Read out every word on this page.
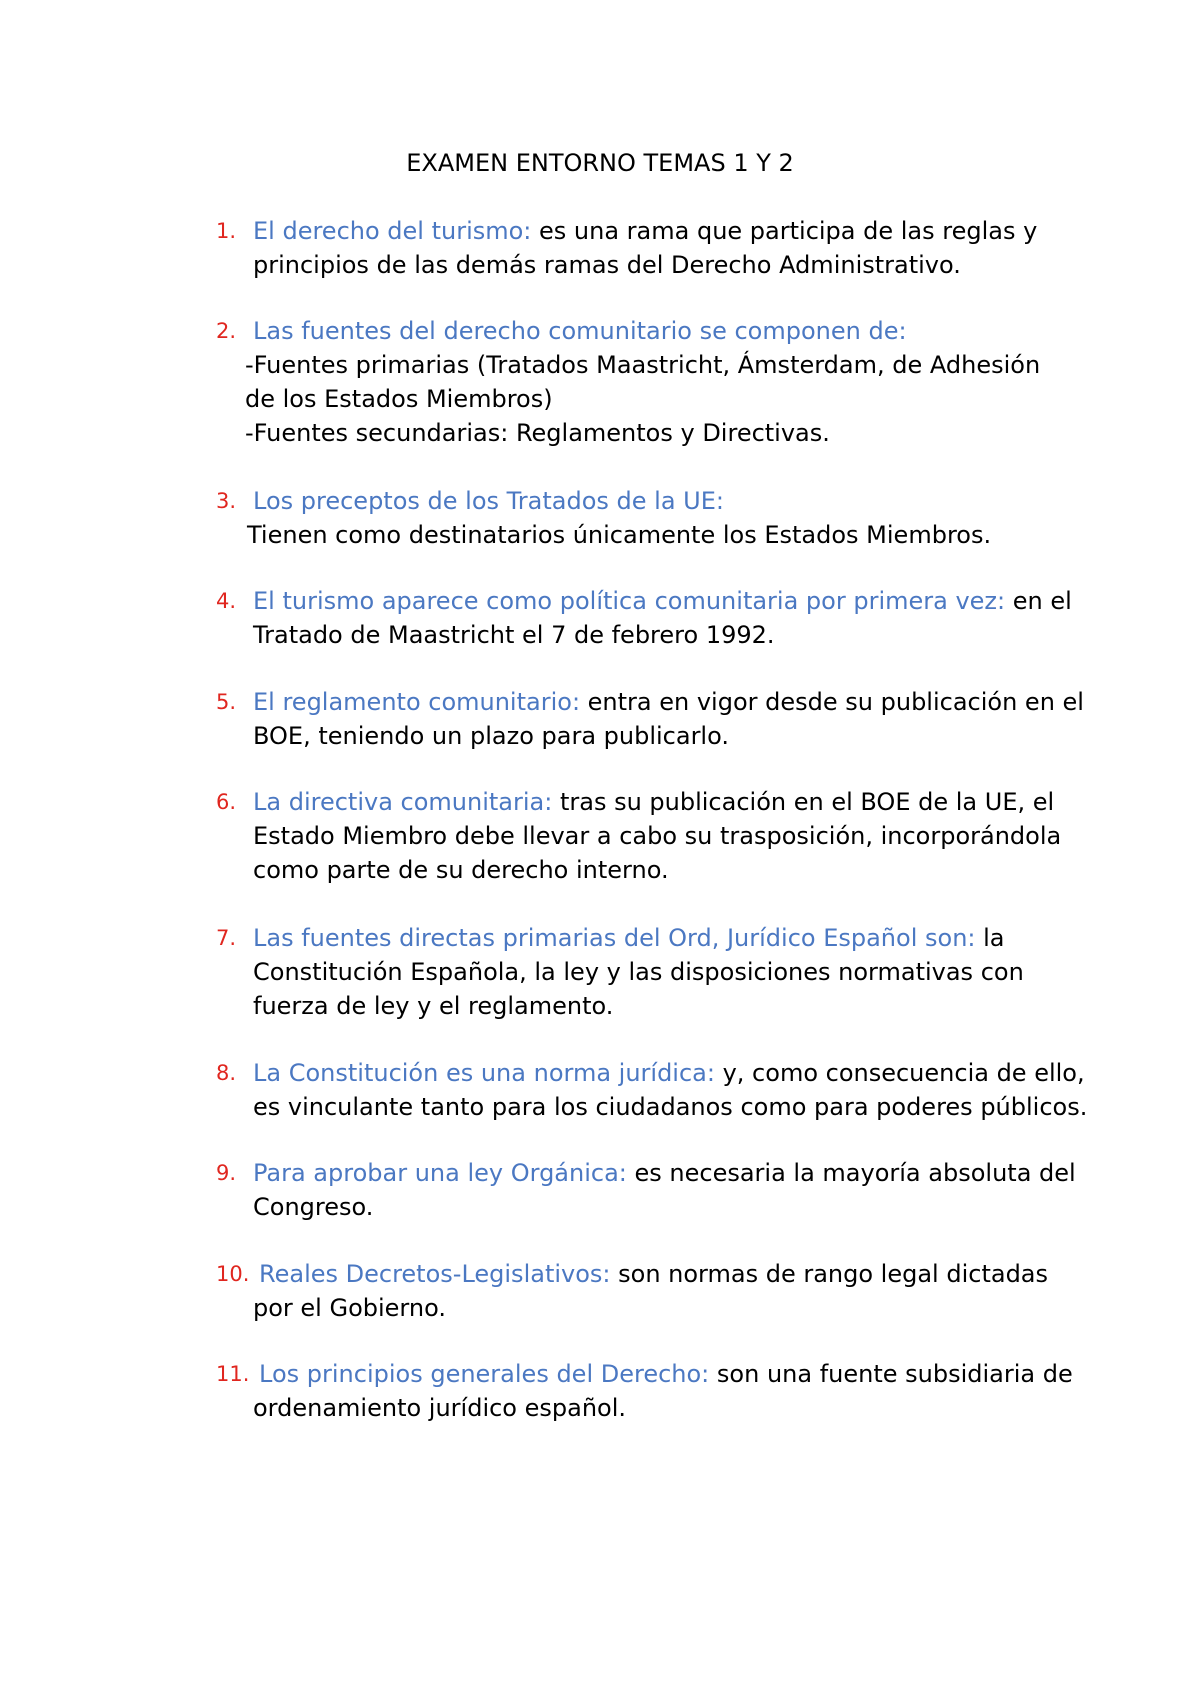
EXAMEN ENTORNO TEMAS 1 Y 2
1. El derecho del turismo: es una rama que participa de las reglas y
principios de las demás ramas del Derecho Administrativo.
2. Las fuentes del derecho comunitario se componen de:
-Fuentes primarias (Tratados Maastricht, Ámsterdam, de Adhesión
de los Estados Miembros)
-Fuentes secundarias: Reglamentos y Directivas.
3. Los preceptos de los Tratados de la UE:
Tienen como destinatarios únicamente los Estados Miembros.
4. El turismo aparece como política comunitaria por primera vez: en el
Tratado de Maastricht el 7 de febrero 1992.
5. El reglamento comunitario: entra en vigor desde su publicación en el
BOE, teniendo un plazo para publicarlo.
6. La directiva comunitaria: tras su publicación en el BOE de la UE, el
Estado Miembro debe llevar a cabo su trasposición, incorporándola
como parte de su derecho interno.
7. Las fuentes directas primarias del Ord, Jurídico Español son: la
Constitución Española, la ley y las disposiciones normativas con
fuerza de ley y el reglamento.
8. La Constitución es una norma jurídica: y, como consecuencia de ello,
es vinculante tanto para los ciudadanos como para poderes públicos.
9. Para aprobar una ley Orgánica: es necesaria la mayoría absoluta del
Congreso.
10. Reales Decretos-Legislativos: son normas de rango legal dictadas
por el Gobierno.
11. Los principios generales del Derecho: son una fuente subsidiaria de
ordenamiento jurídico español.
